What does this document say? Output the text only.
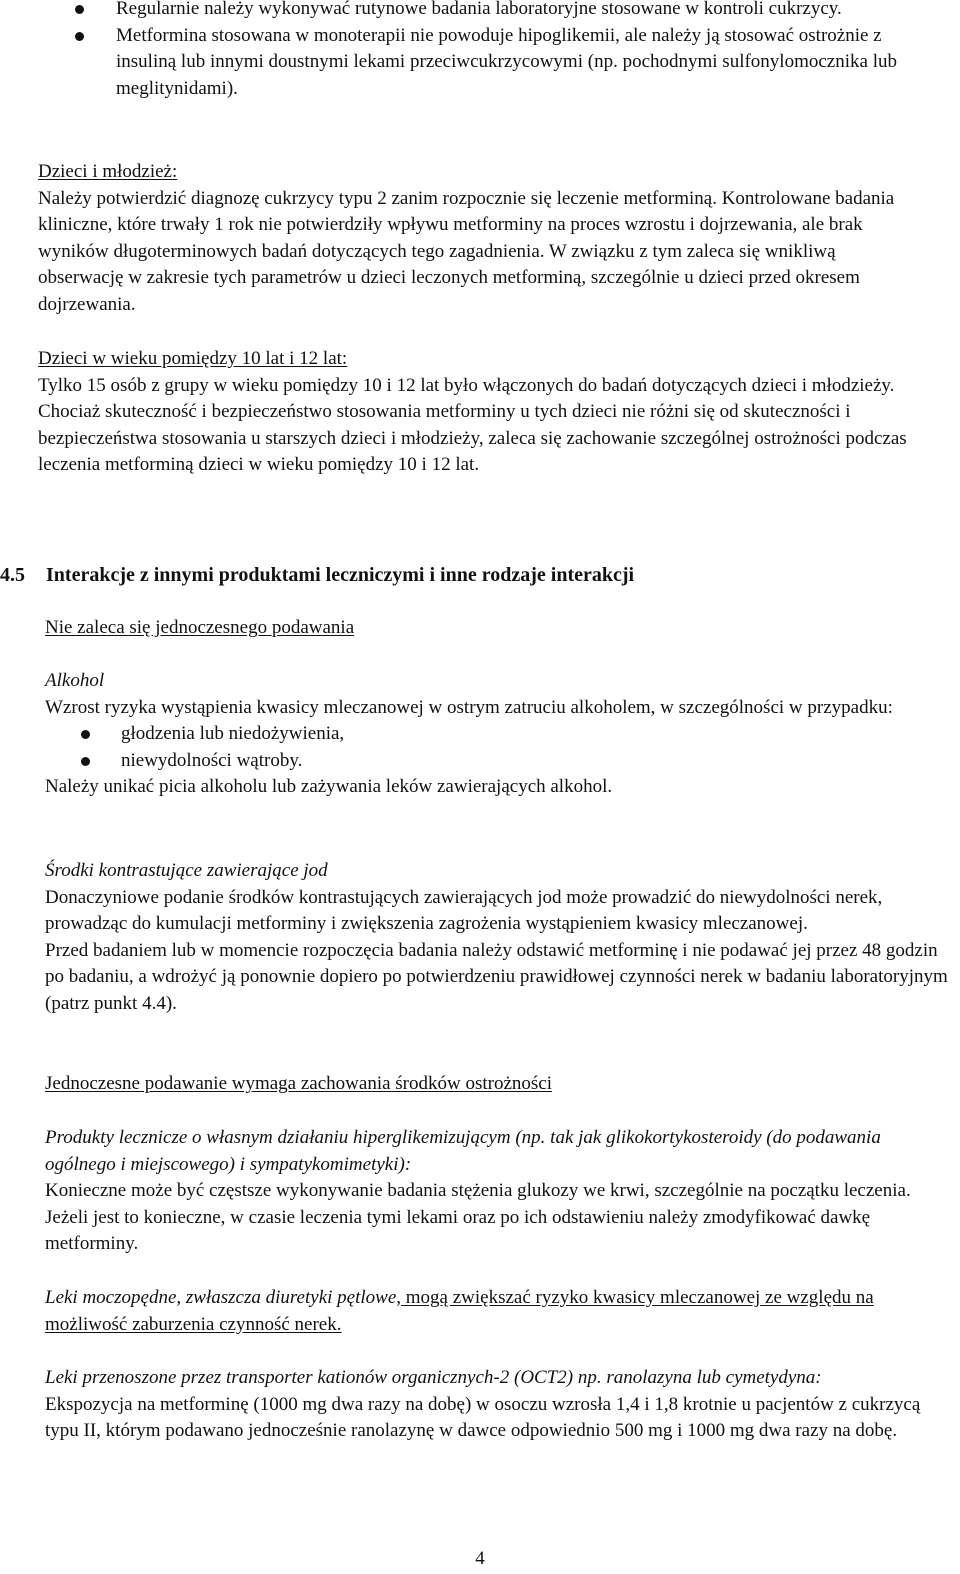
Regularnie należy wykonywać rutynowe badania laboratoryjne stosowane w kontroli cukrzycy.
Metformina stosowana w monoterapii nie powoduje hipoglikemii, ale należy ją stosować ostrożnie z insuliną lub innymi doustnymi lekami przeciwcukrzycowymi (np. pochodnymi sulfonylomocznika lub meglitynidami).
Dzieci i młodzież:
Należy potwierdzić diagnozę cukrzycy typu 2 zanim rozpocznie się leczenie metforminą. Kontrolowane badania kliniczne, które trwały 1 rok nie potwierdziły wpływu metforminy na proces wzrostu i dojrzewania, ale brak wyników długoterminowych badań dotyczących tego zagadnienia. W związku z tym zaleca się wnikliwą obserwację w zakresie tych parametrów u dzieci leczonych metforminą, szczególnie u dzieci przed okresem dojrzewania.
Dzieci w wieku pomiędzy 10 lat i 12 lat:
Tylko 15 osób z grupy w wieku pomiędzy 10 i 12 lat było włączonych do badań dotyczących dzieci i młodzieży. Chociaż skuteczność i bezpieczeństwo stosowania metforminy u tych dzieci nie różni się od skuteczności i bezpieczeństwa stosowania u starszych dzieci i młodzieży, zaleca się zachowanie szczególnej ostrożności podczas leczenia metforminą dzieci w wieku pomiędzy 10 i 12 lat.
4.5 Interakcje z innymi produktami leczniczymi i inne rodzaje interakcji
Nie zaleca się jednoczesnego podawania
Alkohol
Wzrost ryzyka wystąpienia kwasicy mleczanowej w ostrym zatruciu alkoholem, w szczególności w przypadku:
głodzenia lub niedożywienia,
niewydolności wątroby.
Należy unikać picia alkoholu lub zażywania leków zawierających alkohol.
Środki kontrastujące zawierające jod
Donaczyniowe podanie środków kontrastujących zawierających jod może prowadzić do niewydolności nerek, prowadząc do kumulacji metforminy i zwiększenia zagrożenia wystąpieniem kwasicy mleczanowej.
Przed badaniem lub w momencie rozpoczęcia badania należy odstawić metforminę i nie podawać jej przez 48 godzin po badaniu, a wdrożyć ją ponownie dopiero po potwierdzeniu prawidłowej czynności nerek w badaniu laboratoryjnym (patrz punkt 4.4).
Jednoczesne podawanie wymaga zachowania środków ostrożności
Produkty lecznicze o własnym działaniu hiperglikemizującym (np. tak jak glikokortykosteroidy (do podawania ogólnego i miejscowego) i sympatykomimetyki):
Konieczne może być częstsze wykonywanie badania stężenia glukozy we krwi, szczególnie na początku leczenia. Jeżeli jest to konieczne, w czasie leczenia tymi lekami oraz po ich odstawieniu należy zmodyfikować dawkę metforminy.
Leki moczopędne, zwłaszcza diuretyki pętlowe, mogą zwiększać ryzyko kwasicy mleczanowej ze względu na możliwość zaburzenia czynność nerek.
Leki przenoszone przez transporter kationów organicznych-2 (OCT2) np. ranolazyna lub cymetydyna:
Ekspozycja na metforminę (1000 mg dwa razy na dobę) w osoczu wzrosła 1,4 i 1,8 krotnie u pacjentów z cukrzycą typu II, którym podawano jednocześnie ranolazynę w dawce odpowiednio 500 mg i 1000 mg dwa razy na dobę.
4
